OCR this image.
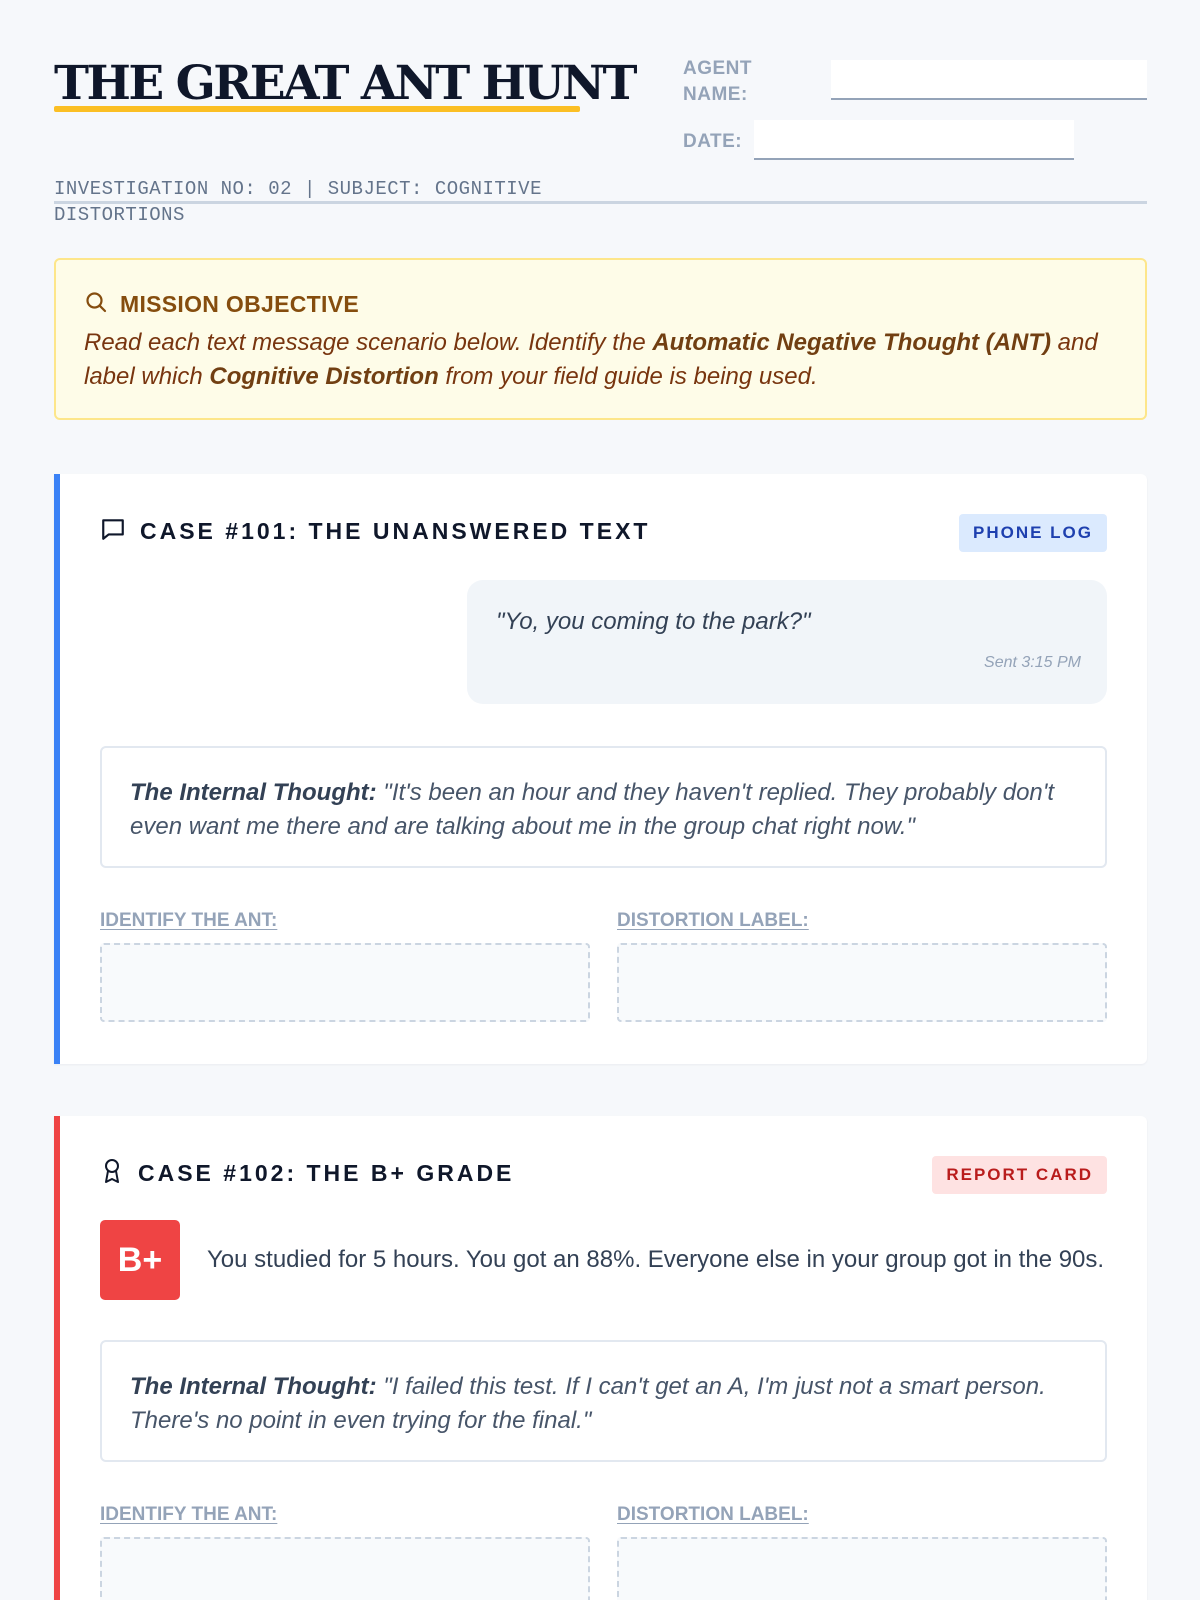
THE GREAT ANT HUNT
INVESTIGATION NO: 02 | SUBJECT: COGNITIVE DISTORTIONS
AGENT
NAME:
DATE:
MISSION OBJECTIVE
Read each text message scenario below. Identify the Automatic Negative Thought (ANT) and label which Cognitive Distortion from your field guide is being used.
CASE #101: THE UNANSWERED TEXT	PHONE LOG
"Yo, you coming to the park?"
Sent 3:15 PM
The Internal Thought: "It's been an hour and they haven't replied. They probably don't even want me there and are talking about me in the group chat right now."
IDENTIFY THE ANT:	DISTORTION LABEL:
CASE #102: THE B+ GRADE	REPORT CARD
B+	You studied for 5 hours. You got an 88%. Everyone else in your group got in the 90s.
The Internal Thought: "I failed this test. If I can't get an A, I'm just not a smart person. There's no point in even trying for the final."
IDENTIFY THE ANT:	DISTORTION LABEL:
